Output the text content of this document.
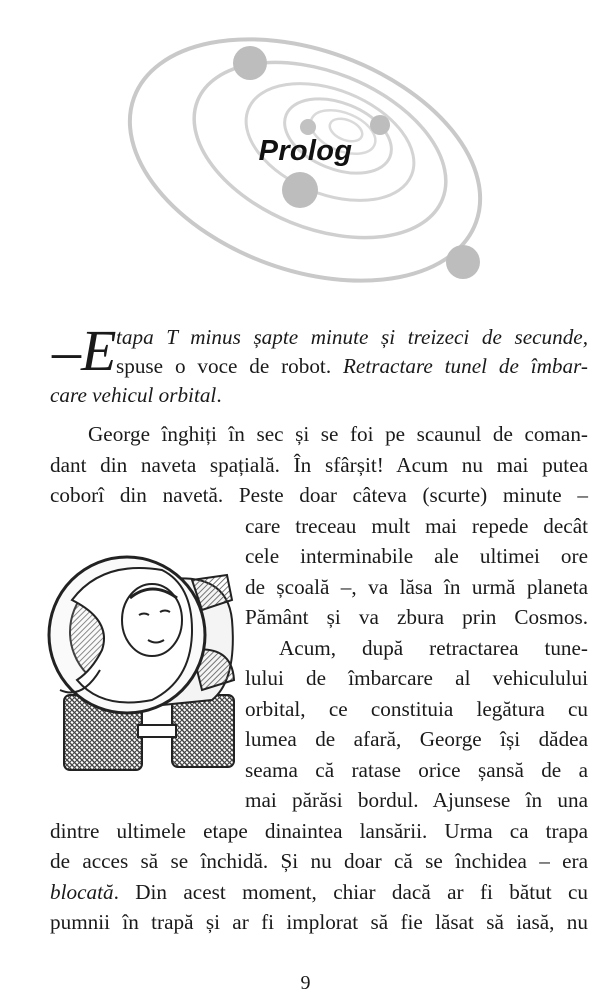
Prolog
–E tapa T minus șapte minute și treizeci de secunde,
spuse o voce de robot. Retractare tunel de îmbar-
care vehicul orbital.
George înghiți în sec și se foi pe scaunul de coman-
dant din naveta spațială. În sfârșit! Acum nu mai putea
coborî din navetă. Peste doar câteva (scurte) minute –
care treceau mult mai repede decât
cele interminabile ale ultimei ore
de școală –, va lăsa în urmă planeta
Pământ și va zbura prin Cosmos.
Acum, după retractarea tune-
lului de îmbarcare al vehiculului
orbital, ce constituia legătura cu
lumea de afară, George își dădea
seama că ratase orice șansă de a
mai părăsi bordul. Ajunsese în una
dintre ultimele etape dinaintea lansării. Urma ca trapa
de acces să se închidă. Și nu doar că se închidea – era
blocată. Din acest moment, chiar dacă ar fi bătut cu
pumnii în trapă și ar fi implorat să fie lăsat să iasă, nu
9
